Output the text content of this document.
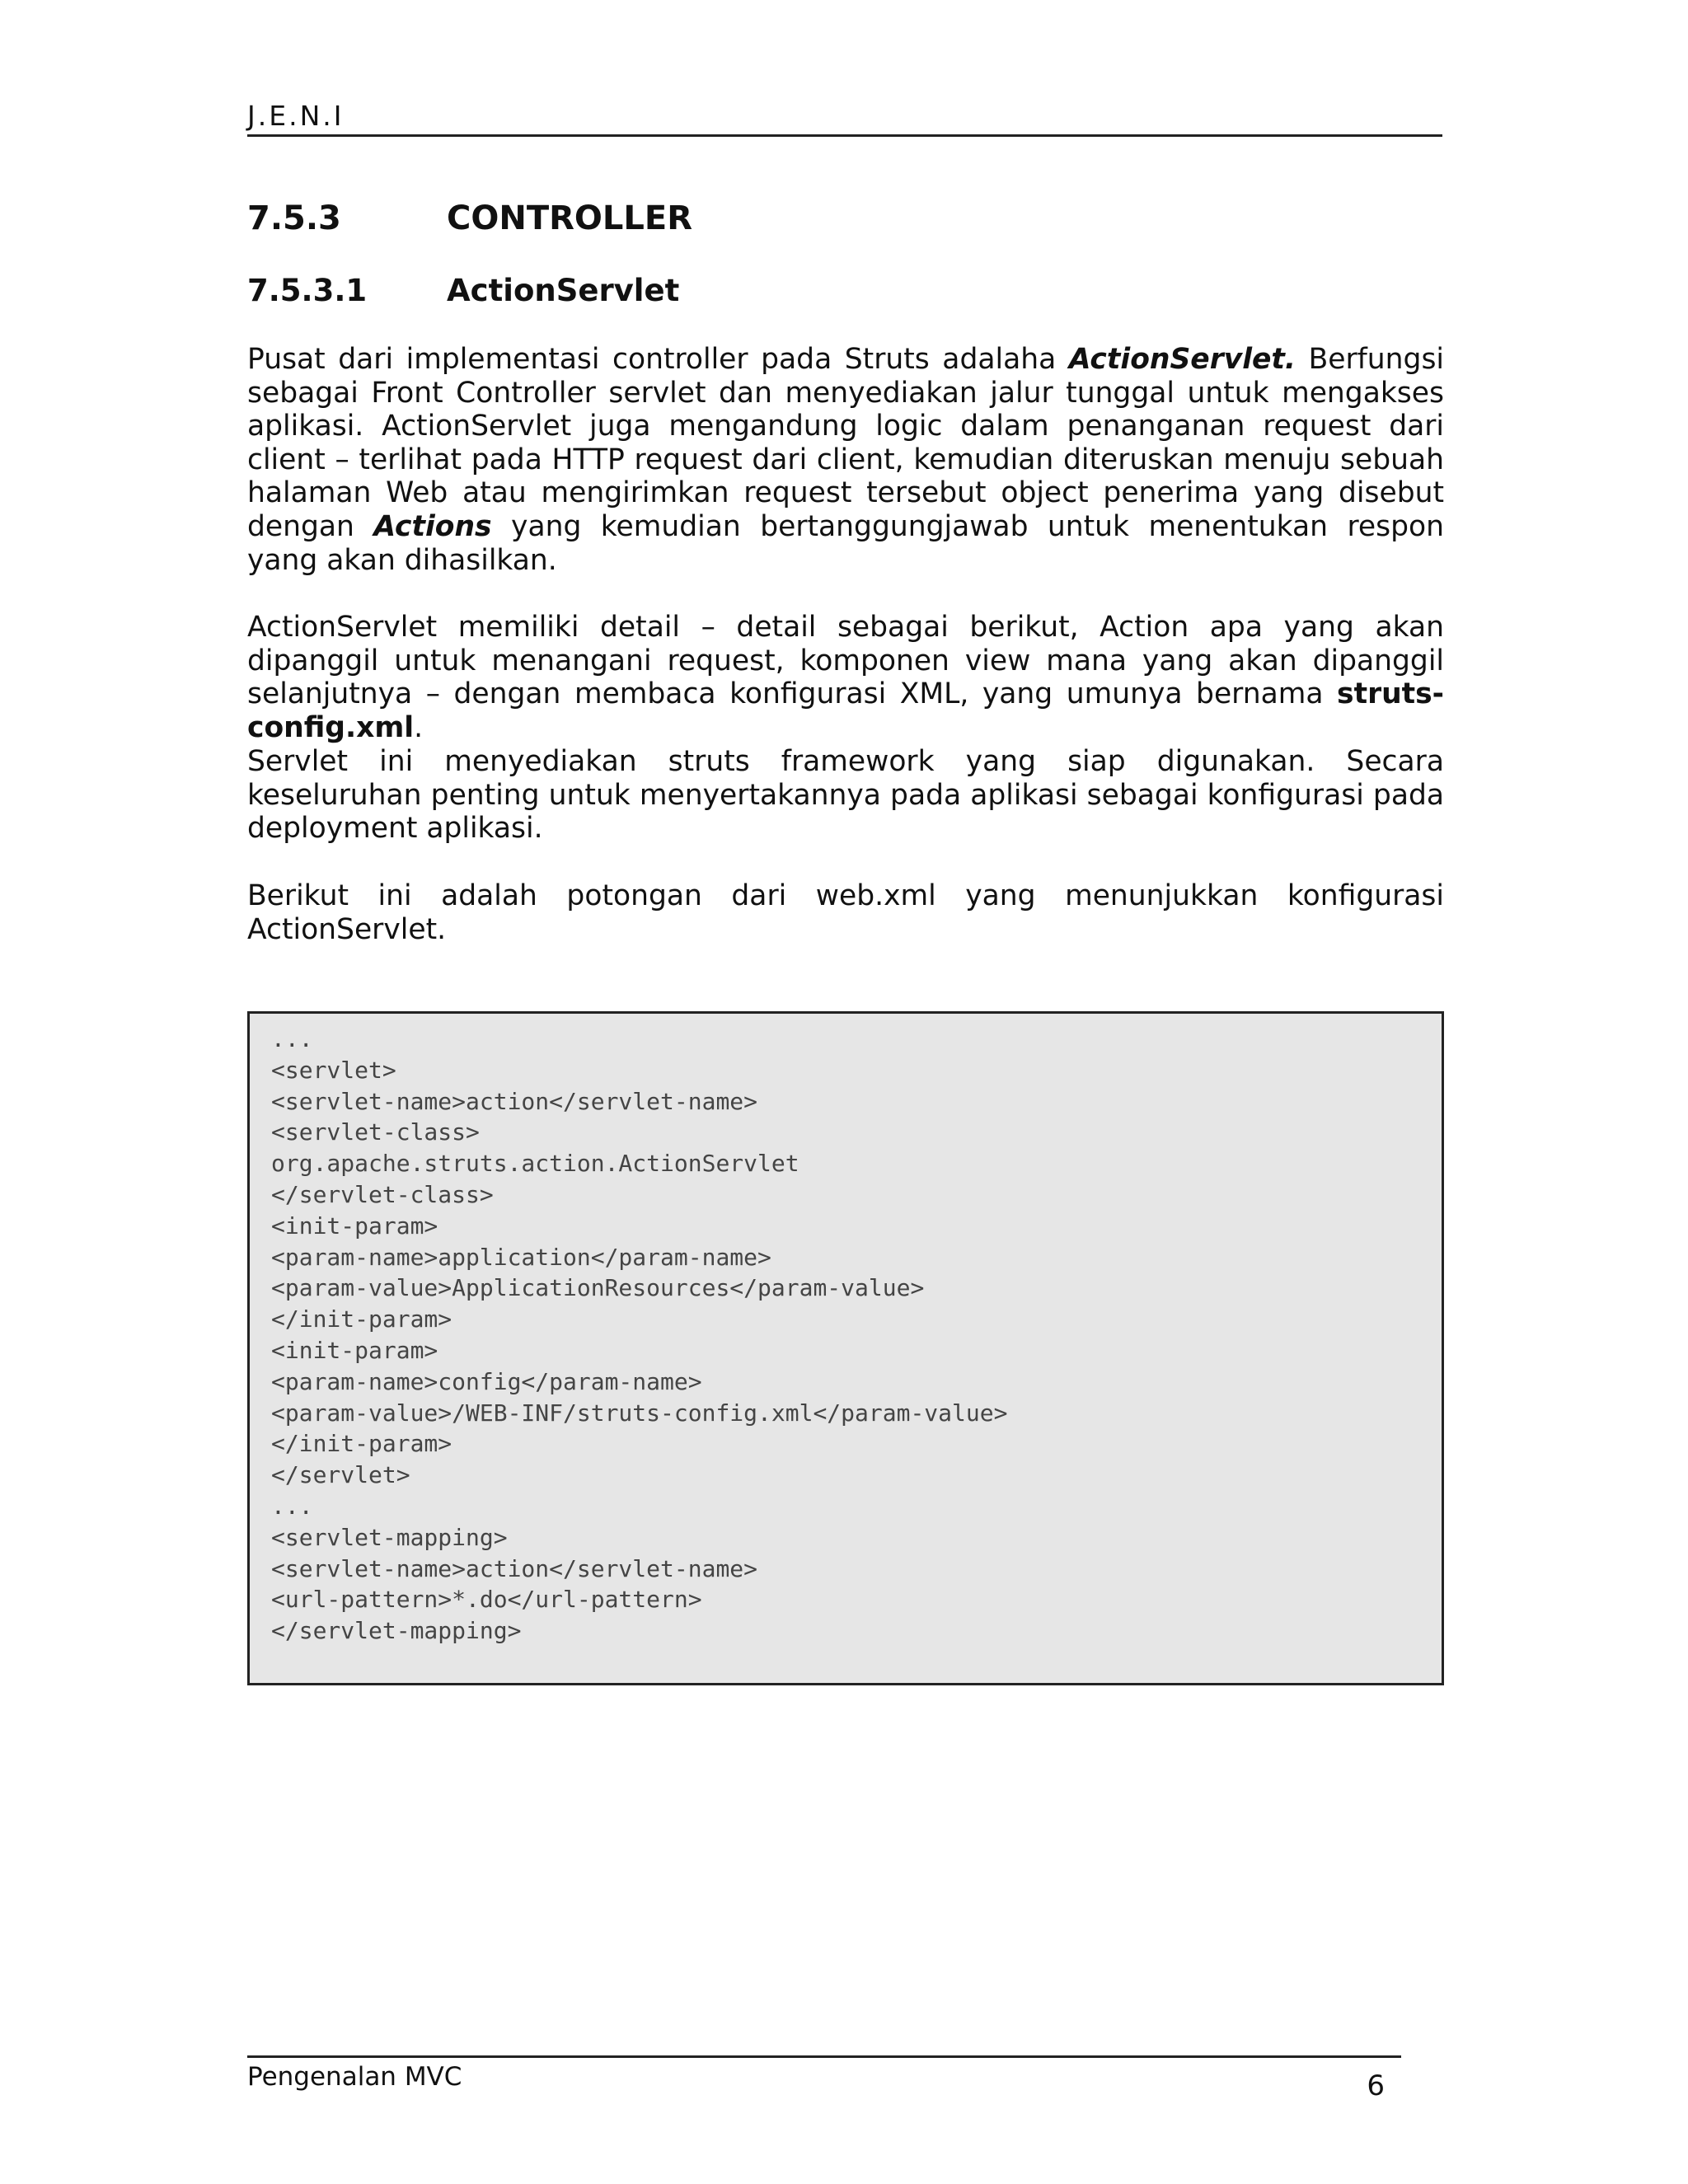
J.E.N.I
7.5.3	CONTROLLER
7.5.3.1	ActionServlet

Pusat dari implementasi controller pada Struts adalaha ActionServlet. Berfungsi sebagai Front Controller servlet dan menyediakan jalur tunggal untuk mengakses aplikasi. ActionServlet juga mengandung logic dalam penanganan request dari client – terlihat pada HTTP request dari client, kemudian diteruskan menuju sebuah halaman Web atau mengirimkan request tersebut object penerima yang disebut dengan Actions yang kemudian bertanggungjawab untuk menentukan respon yang akan dihasilkan.

ActionServlet memiliki detail – detail sebagai berikut, Action apa yang akan dipanggil untuk menangani request, komponen view mana yang akan dipanggil selanjutnya – dengan membaca konfigurasi XML, yang umunya bernama struts-config.xml.

Servlet ini menyediakan struts framework yang siap digunakan. Secara keseluruhan penting untuk menyertakannya pada aplikasi sebagai konfigurasi pada deployment aplikasi.

Berikut ini adalah potongan dari web.xml yang menunjukkan konfigurasi ActionServlet.

...
<servlet>
<servlet-name>action</servlet-name>
<servlet-class>
org.apache.struts.action.ActionServlet
</servlet-class>
<init-param>
<param-name>application</param-name>
<param-value>ApplicationResources</param-value>
</init-param>
<init-param>
<param-name>config</param-name>
<param-value>/WEB-INF/struts-config.xml</param-value>
</init-param>
</servlet>
...
<servlet-mapping>
<servlet-name>action</servlet-name>
<url-pattern>*.do</url-pattern>
</servlet-mapping>
Pengenalan MVC	6
